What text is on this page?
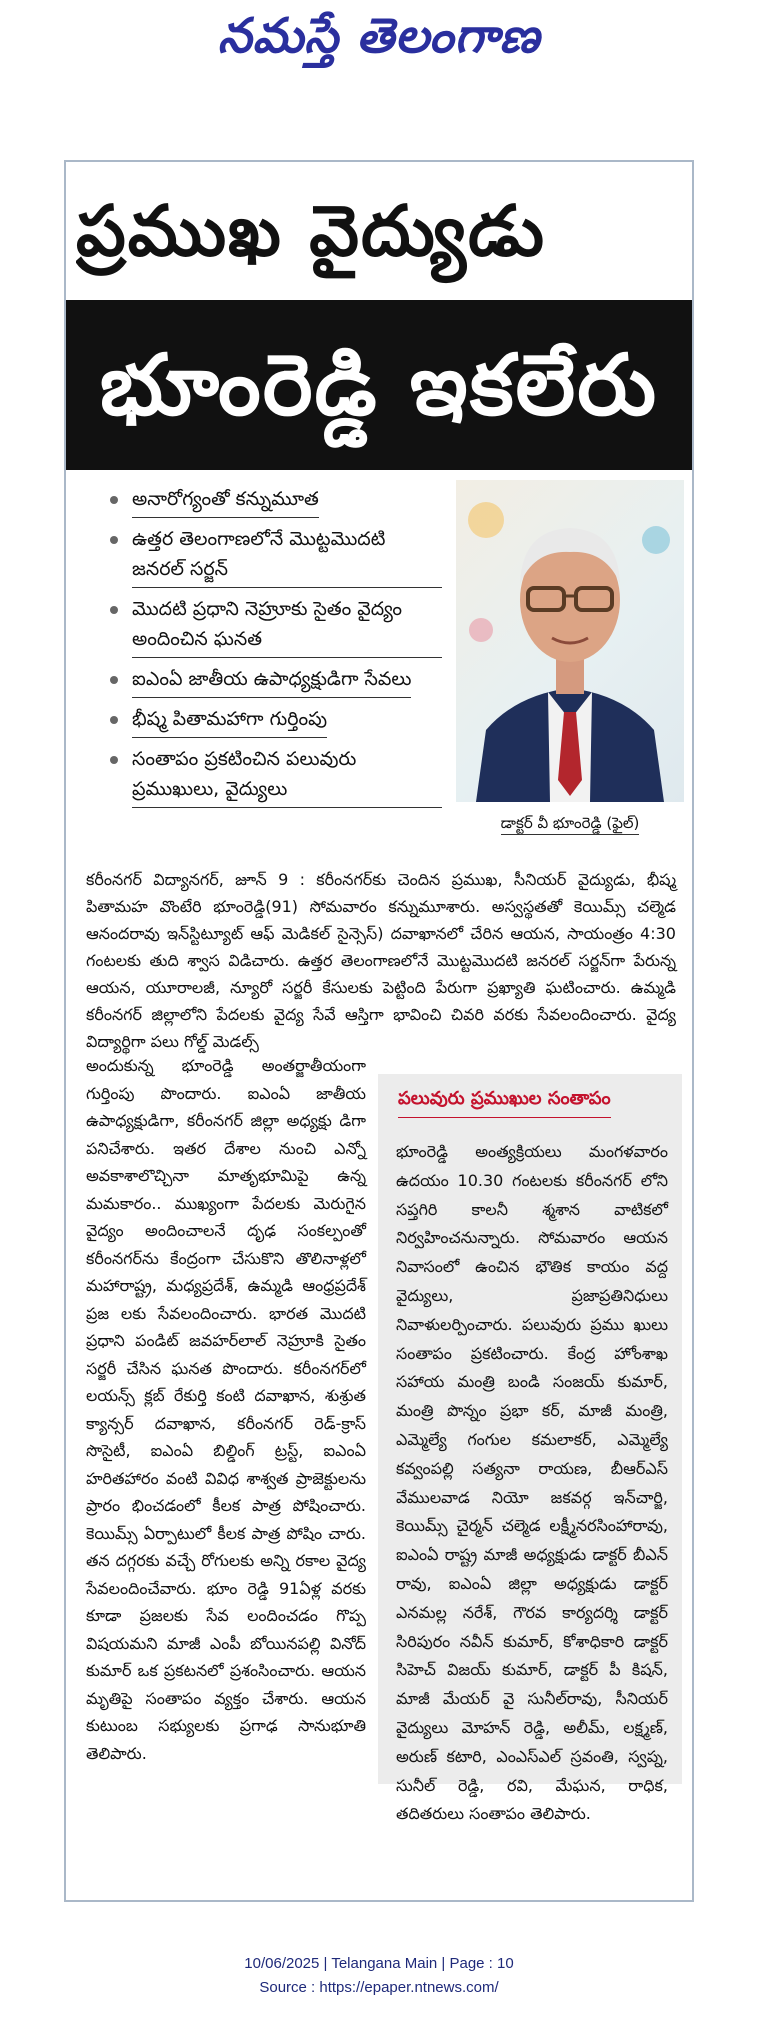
నమస్తే తెలంగాణ
ప్రముఖ వైద్యుడు
భూంరెడ్డి ఇకలేరు
అనారోగ్యంతో కన్నుమూత
ఉత్తర తెలంగాణలోనే మొట్టమొదటి జనరల్ సర్జన్
మొదటి ప్రధాని నెహ్రూకు సైతం వైద్యం అందించిన ఘనత
ఐఎంఏ జాతీయ ఉపాధ్యక్షుడిగా సేవలు
భీష్మ పితామహాగా గుర్తింపు
సంతాపం ప్రకటించిన పలువురు ప్రముఖులు, వైద్యులు
డాక్టర్ వీ భూంరెడ్డి (ఫైల్)
కరీంనగర్ విద్యానగర్, జూన్ 9 : కరీంనగర్‌కు చెందిన ప్రముఖ, సీనియర్ వైద్యుడు, భీష్మ పితామహ వొంటేరి భూంరెడ్డి(91) సోమవారం కన్నుమూశారు. అస్వస్థతతో కెయిమ్స్ చల్మెడ ఆనందరావు ఇన్‌స్టిట్యూట్ ఆఫ్ మెడికల్ సైన్సెస్) దవాఖానలో చేరిన ఆయన, సాయంత్రం 4:30 గంటలకు తుది శ్వాస విడిచారు. ఉత్తర తెలంగాణలోనే మొట్టమొదటి జనరల్ సర్జన్‌గా పేరున్న ఆయన, యూరాలజీ, న్యూరో సర్జరీ కేసులకు పెట్టింది పేరుగా ప్రఖ్యాతి ఘటించారు. ఉమ్మడి కరీంనగర్ జిల్లాలోని పేదలకు వైద్య సేవే ఆస్తిగా భావించి చివరి వరకు సేవలందించారు. వైద్య విద్యార్థిగా పలు గోల్డ్ మెడల్స్
అందుకున్న భూంరెడ్డి అంతర్జాతీయంగా గుర్తింపు పొందారు. ఐఎంఏ జాతీయ ఉపాధ్యక్షుడిగా, కరీంనగర్ జిల్లా అధ్యక్షు డిగా పనిచేశారు. ఇతర దేశాల నుంచి ఎన్నో అవకాశాలొచ్చినా మాతృభూమిపై ఉన్న మమకారం.. ముఖ్యంగా పేదలకు మెరుగైన వైద్యం అందించాలనే దృఢ సంకల్పంతో కరీంనగర్‌ను కేంద్రంగా చేసుకొని తొలినాళ్లలో మహారాష్ట్ర, మధ్యప్రదేశ్, ఉమ్మడి ఆంధ్రప్రదేశ్ ప్రజ లకు సేవలందించారు. భారత మొదటి ప్రధాని పండిట్ జవహర్‌లాల్ నెహ్రూకి సైతం సర్జరీ చేసిన ఘనత పొందారు. కరీంనగర్‌లో లయన్స్ క్లబ్ రేకుర్తి కంటి దవాఖాన, శుశ్రుత క్యాన్సర్ దవాఖాన, కరీంనగర్ రెడ్-క్రాస్ సొసైటీ, ఐఎంఏ బిల్డింగ్ ట్రస్ట్, ఐఎంఏ హరితహారం వంటి వివిధ శాశ్వత ప్రాజెక్టులను ప్రారం భించడంలో కీలక పాత్ర పోషించారు. కెయిమ్స్ ఏర్పాటులో కీలక పాత్ర పోషిం చారు. తన దగ్గరకు వచ్చే రోగులకు అన్ని రకాల వైద్య సేవలందించేవారు. భూం రెడ్డి 91ఏళ్ల వరకు కూడా ప్రజలకు సేవ లందించడం గొప్ప విషయమని మాజీ ఎంపీ బోయినపల్లి వినోద్ కుమార్ ఒక ప్రకటనలో ప్రశంసించారు. ఆయన మృతిపై సంతాపం వ్యక్తం చేశారు. ఆయన కుటుంబ సభ్యులకు ప్రగాఢ సానుభూతి తెలిపారు.
పలువురు ప్రముఖుల సంతాపం
భూంరెడ్డి అంత్యక్రియలు మంగళవారం ఉదయం 10.30 గంటలకు కరీంనగర్ లోని సప్తగిరి కాలనీ శ్మశాన వాటికలో నిర్వహించనున్నారు. సోమవారం ఆయన నివాసంలో ఉంచిన భౌతిక కాయం వద్ద వైద్యులు, ప్రజాప్రతినిధులు నివాళులర్పించారు. పలువురు ప్రము ఖులు సంతాపం ప్రకటించారు. కేంద్ర హోంశాఖ సహాయ మంత్రి బండి సంజయ్ కుమార్, మంత్రి పొన్నం ప్రభా కర్, మాజీ మంత్రి, ఎమ్మెల్యే గంగుల కమలాకర్, ఎమ్మెల్యే కవ్వంపల్లి సత్యనా రాయణ, బీఆర్ఎస్ వేములవాడ నియో జకవర్గ ఇన్‌చార్జి, కెయిమ్స్ చైర్మన్ చల్మెడ లక్ష్మీనరసింహారావు, ఐఎంఏ రాష్ట్ర మాజీ అధ్యక్షుడు డాక్టర్ బీఎన్ రావు, ఐఎంఏ జిల్లా అధ్యక్షుడు డాక్టర్ ఎనమల్ల నరేశ్, గౌరవ కార్యదర్శి డాక్టర్ సిరిపురం నవీన్ కుమార్, కోశాధికారి డాక్టర్ సిహెచ్ విజయ్ కుమార్, డాక్టర్ పీ కిషన్, మాజీ మేయర్ వై సునీల్‌రావు, సీనియర్ వైద్యులు మోహన్ రెడ్డి, అలీమ్, లక్ష్మణ్, అరుణ్ కటారి, ఎంఎస్ఎల్ స్రవంతి, స్వప్న, సునీల్ రెడ్డి, రవి, మేఘన, రాధిక, తదితరులు సంతాపం తెలిపారు.
10/06/2025 | Telangana Main | Page : 10
Source : https://epaper.ntnews.com/
